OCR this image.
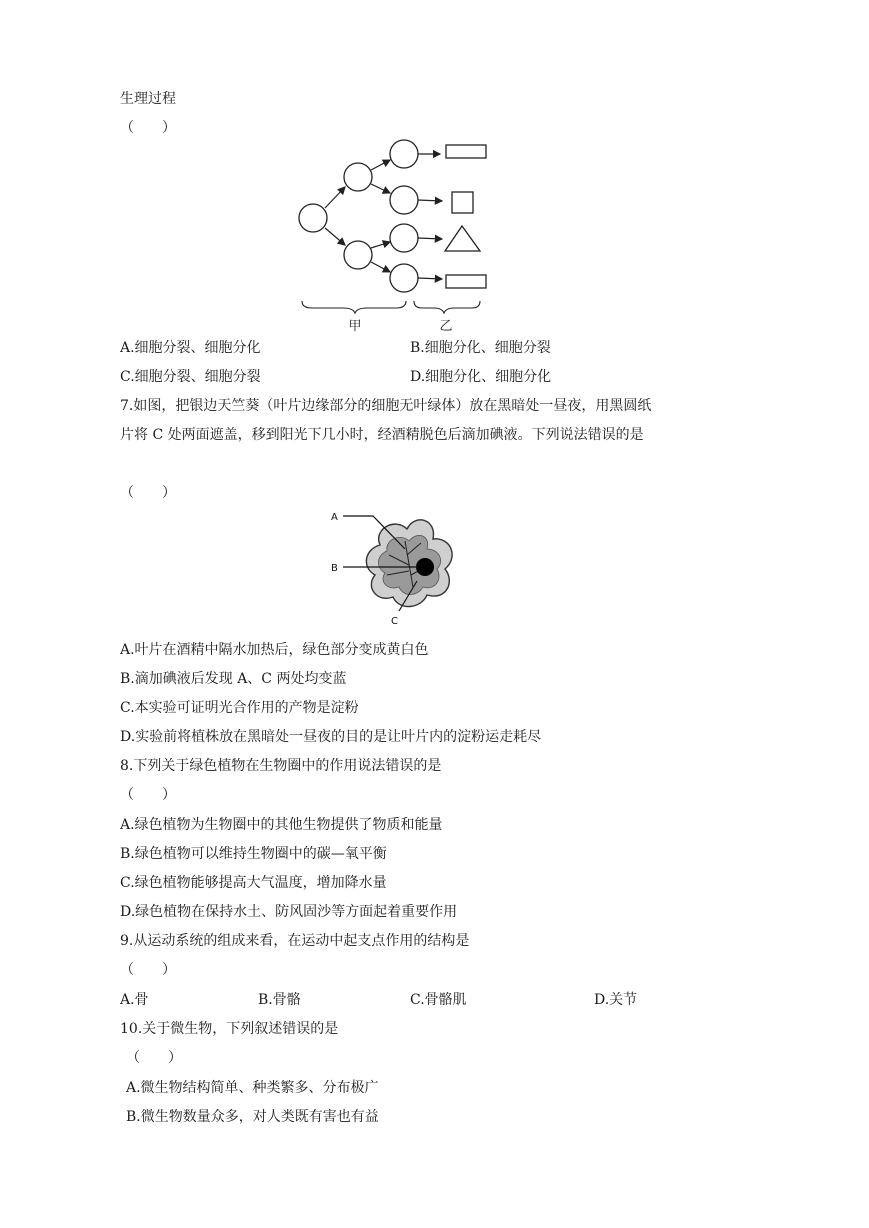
生理过程
（　　）
甲	乙
A.细胞分裂、细胞分化	B.细胞分化、细胞分裂
C.细胞分裂、细胞分裂	D.细胞分化、细胞分化
7.如图，把银边天竺葵（叶片边缘部分的细胞无叶绿体）放在黑暗处一昼夜，用黑圆纸
片将 C 处两面遮盖，移到阳光下几小时，经酒精脱色后滴加碘液。下列说法错误的是
（　　）
A
B
C
A.叶片在酒精中隔水加热后，绿色部分变成黄白色
B.滴加碘液后发现 A、C 两处均变蓝
C.本实验可证明光合作用的产物是淀粉
D.实验前将植株放在黑暗处一昼夜的目的是让叶片内的淀粉运走耗尽
8.下列关于绿色植物在生物圈中的作用说法错误的是
（　　）
A.绿色植物为生物圈中的其他生物提供了物质和能量
B.绿色植物可以维持生物圈中的碳—氧平衡
C.绿色植物能够提高大气温度，增加降水量
D.绿色植物在保持水土、防风固沙等方面起着重要作用
9.从运动系统的组成来看，在运动中起支点作用的结构是
（　　）
A.骨	B.骨骼	C.骨骼肌	D.关节
10.关于微生物，下列叙述错误的是
（　　）
A.微生物结构简单、种类繁多、分布极广
B.微生物数量众多，对人类既有害也有益
